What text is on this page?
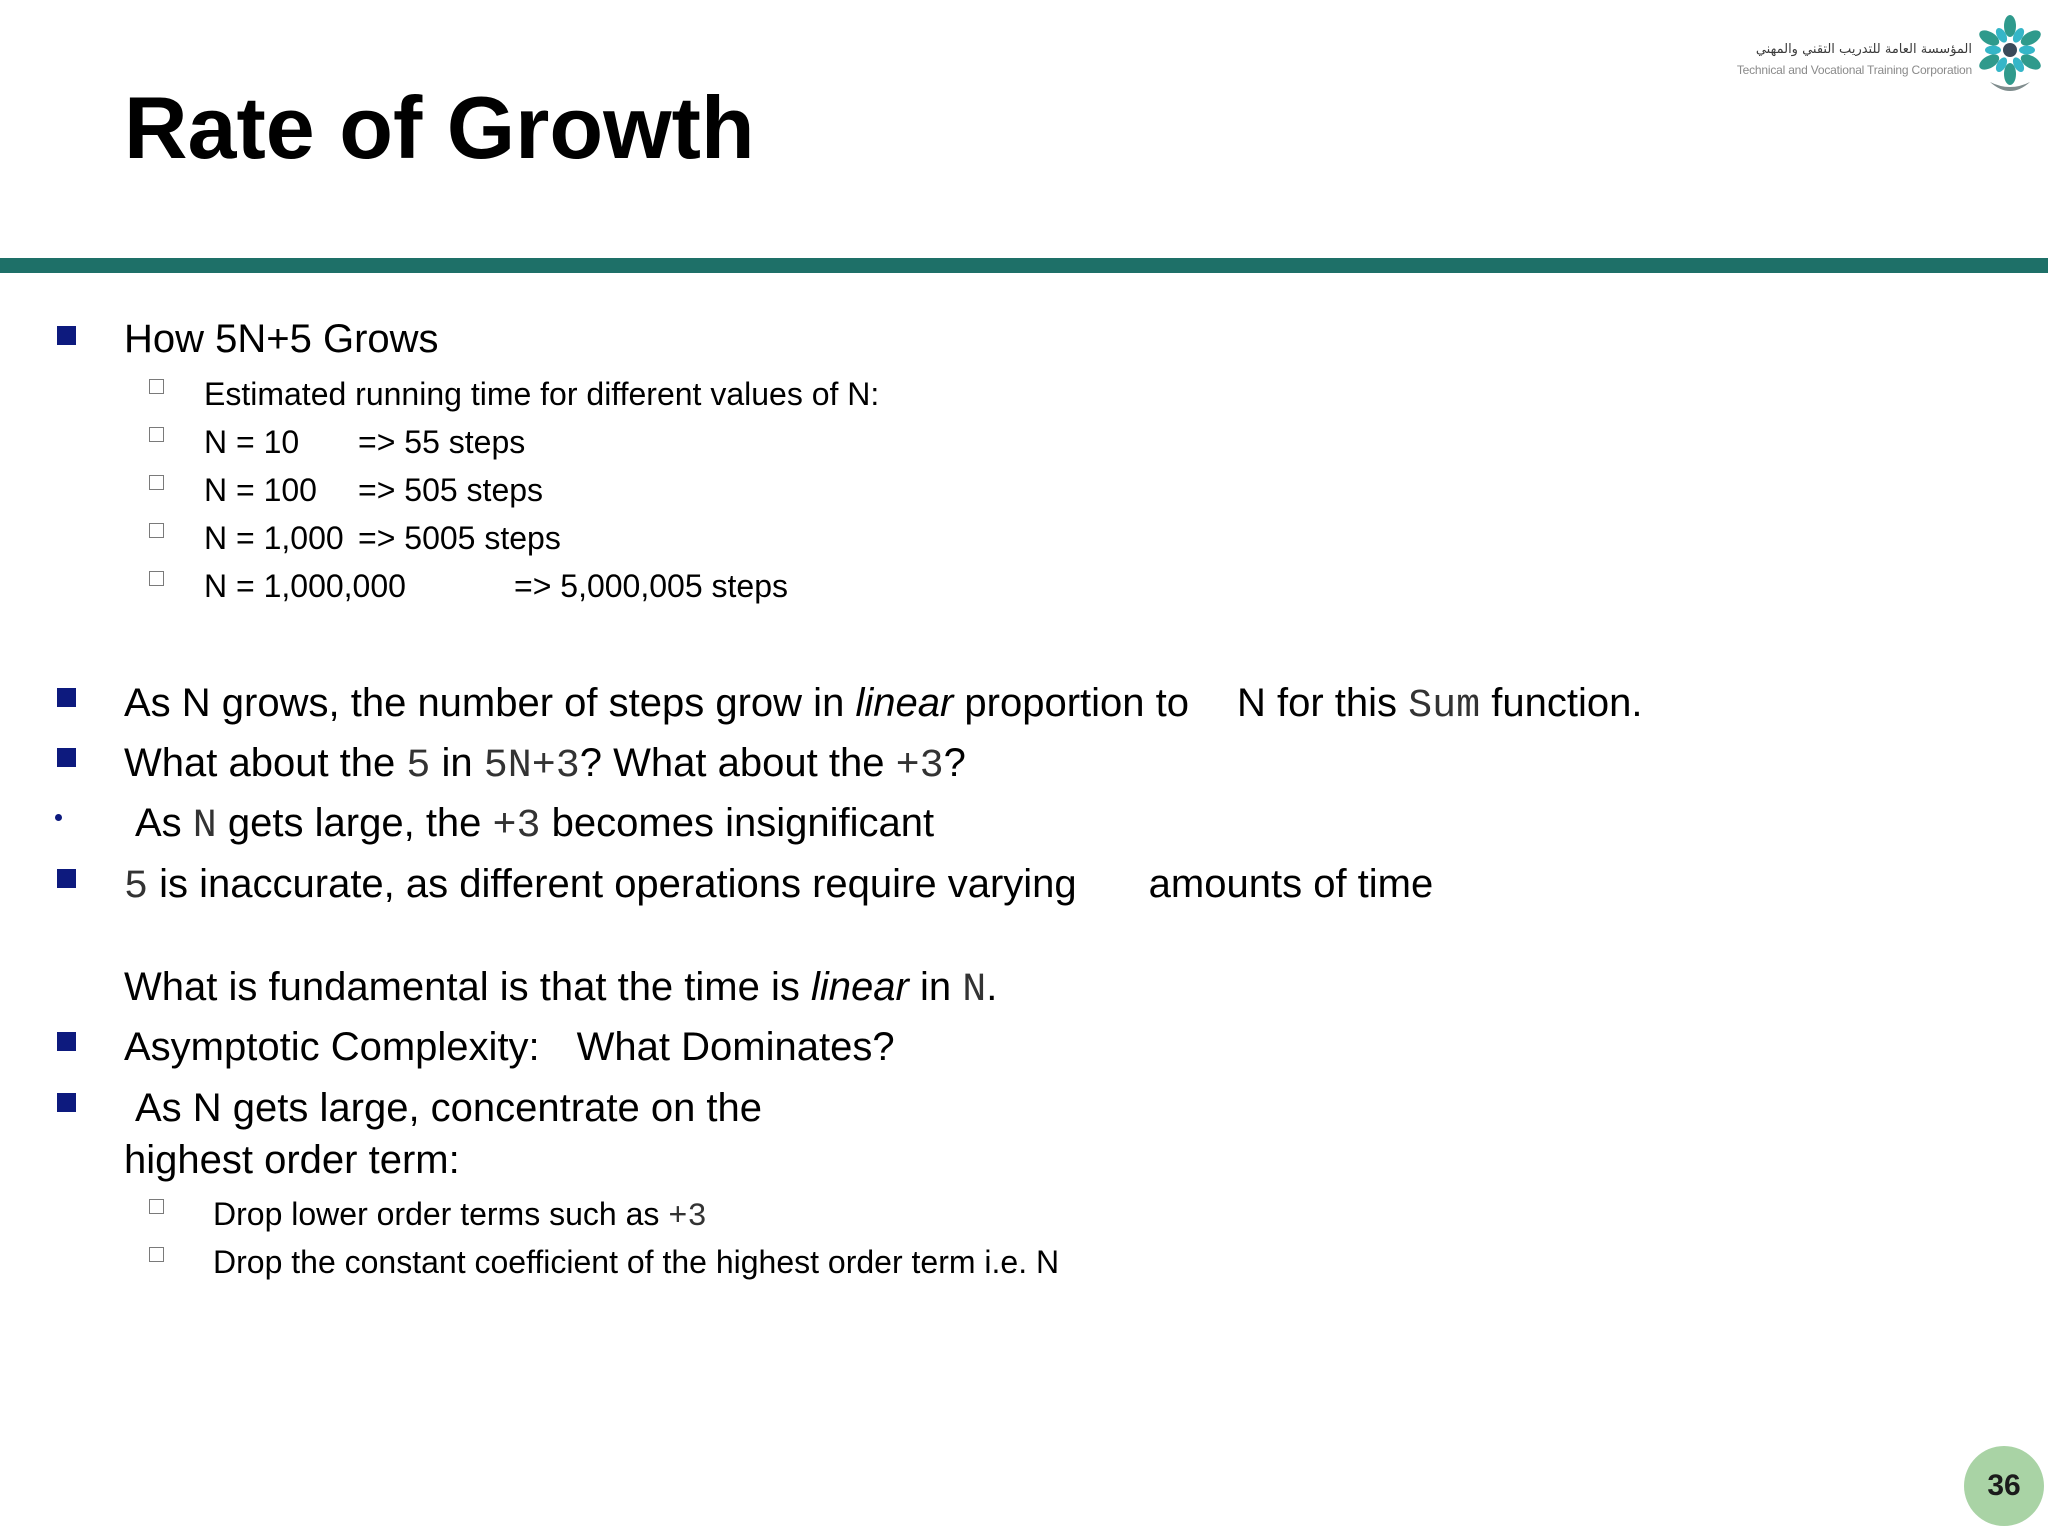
المؤسسة العامة للتدريب التقني والمهني
Technical and Vocational Training Corporation
Rate of Growth
How 5N+5 Grows
Estimated running time for different values of N:
N = 10 => 55 steps
N = 100 => 505 steps
N = 1,000 => 5005 steps
N = 1,000,000	=> 5,000,005 steps
As N grows, the number of steps grow in linear proportion to N for this Sum function.
What about the 5 in 5N+3? What about the +3?
As N gets large, the +3 becomes insignificant
5 is inaccurate, as different operations require varying amounts of time
What is fundamental is that the time is linear in N.
Asymptotic Complexity: What Dominates?
As N gets large, concentrate on the
highest order term:
Drop lower order terms such as +3
Drop the constant coefficient of the highest order term i.e. N
36
